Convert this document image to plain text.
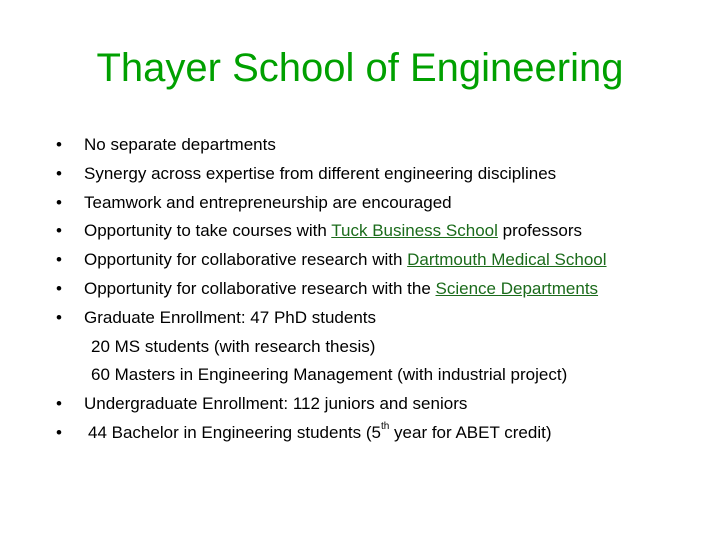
Thayer School of Engineering
• No separate departments
• Synergy across expertise from different engineering disciplines
• Teamwork and entrepreneurship are encouraged
• Opportunity to take courses with Tuck Business School professors
• Opportunity for collaborative research with Dartmouth Medical School
• Opportunity for collaborative research with the Science Departments
• Graduate Enrollment: 47 PhD students
20 MS students (with research thesis)
60 Masters in Engineering Management (with industrial project)
• Undergraduate Enrollment: 112 juniors and seniors
• 44 Bachelor in Engineering students (5th year for ABET credit)
